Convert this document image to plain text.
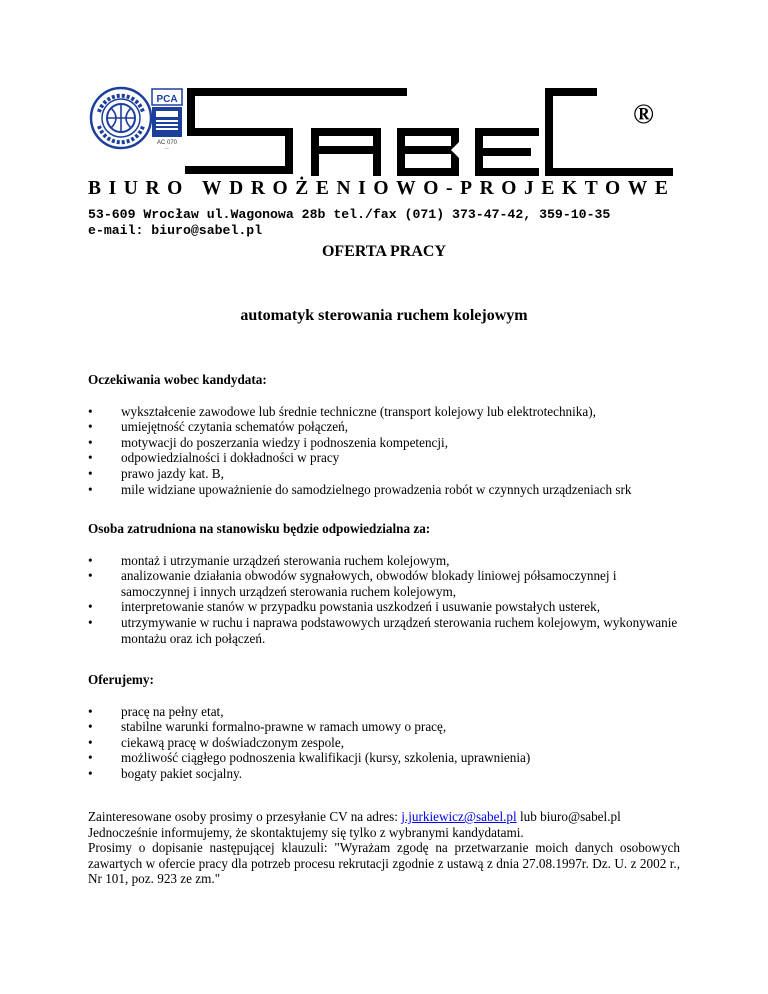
PCA
AC 070
—
®
BIURO WDROŻENIOWO-PROJEKTOWE
53-609 Wrocław ul.Wagonowa 28b tel./fax (071) 373-47-42, 359-10-35
e-mail: biuro@sabel.pl
OFERTA PRACY
automatyk sterowania ruchem kolejowym
Oczekiwania wobec kandydata:
• wykształcenie zawodowe lub średnie techniczne (transport kolejowy lub elektrotechnika),
• umiejętność czytania schematów połączeń,
• motywacji do poszerzania wiedzy i podnoszenia kompetencji,
• odpowiedzialności i dokładności w pracy
• prawo jazdy kat. B,
• mile widziane upoważnienie do samodzielnego prowadzenia robót w czynnych urządzeniach srk
Osoba zatrudniona na stanowisku będzie odpowiedzialna za:
• montaż i utrzymanie urządzeń sterowania ruchem kolejowym,
• analizowanie działania obwodów sygnałowych, obwodów blokady liniowej półsamoczynnej i samoczynnej i innych urządzeń sterowania ruchem kolejowym,
• interpretowanie stanów w przypadku powstania uszkodzeń i usuwanie powstałych usterek,
• utrzymywanie w ruchu i naprawa podstawowych urządzeń sterowania ruchem kolejowym, wykonywanie montażu oraz ich połączeń.
Oferujemy:
• pracę na pełny etat,
• stabilne warunki formalno-prawne w ramach umowy o pracę,
• ciekawą pracę w doświadczonym zespole,
• możliwość ciągłego podnoszenia kwalifikacji (kursy, szkolenia, uprawnienia)
• bogaty pakiet socjalny.

Zainteresowane osoby prosimy o przesyłanie CV na adres: j.jurkiewicz@sabel.pl lub biuro@sabel.pl

Jednocześnie informujemy, że skontaktujemy się tylko z wybranymi kandydatami.

Prosimy o dopisanie następującej klauzuli: "Wyrażam zgodę na przetwarzanie moich danych osobowych zawartych w ofercie pracy dla potrzeb procesu rekrutacji zgodnie z ustawą z dnia 27.08.1997r. Dz. U. z 2002 r., Nr 101, poz. 923 ze zm."
